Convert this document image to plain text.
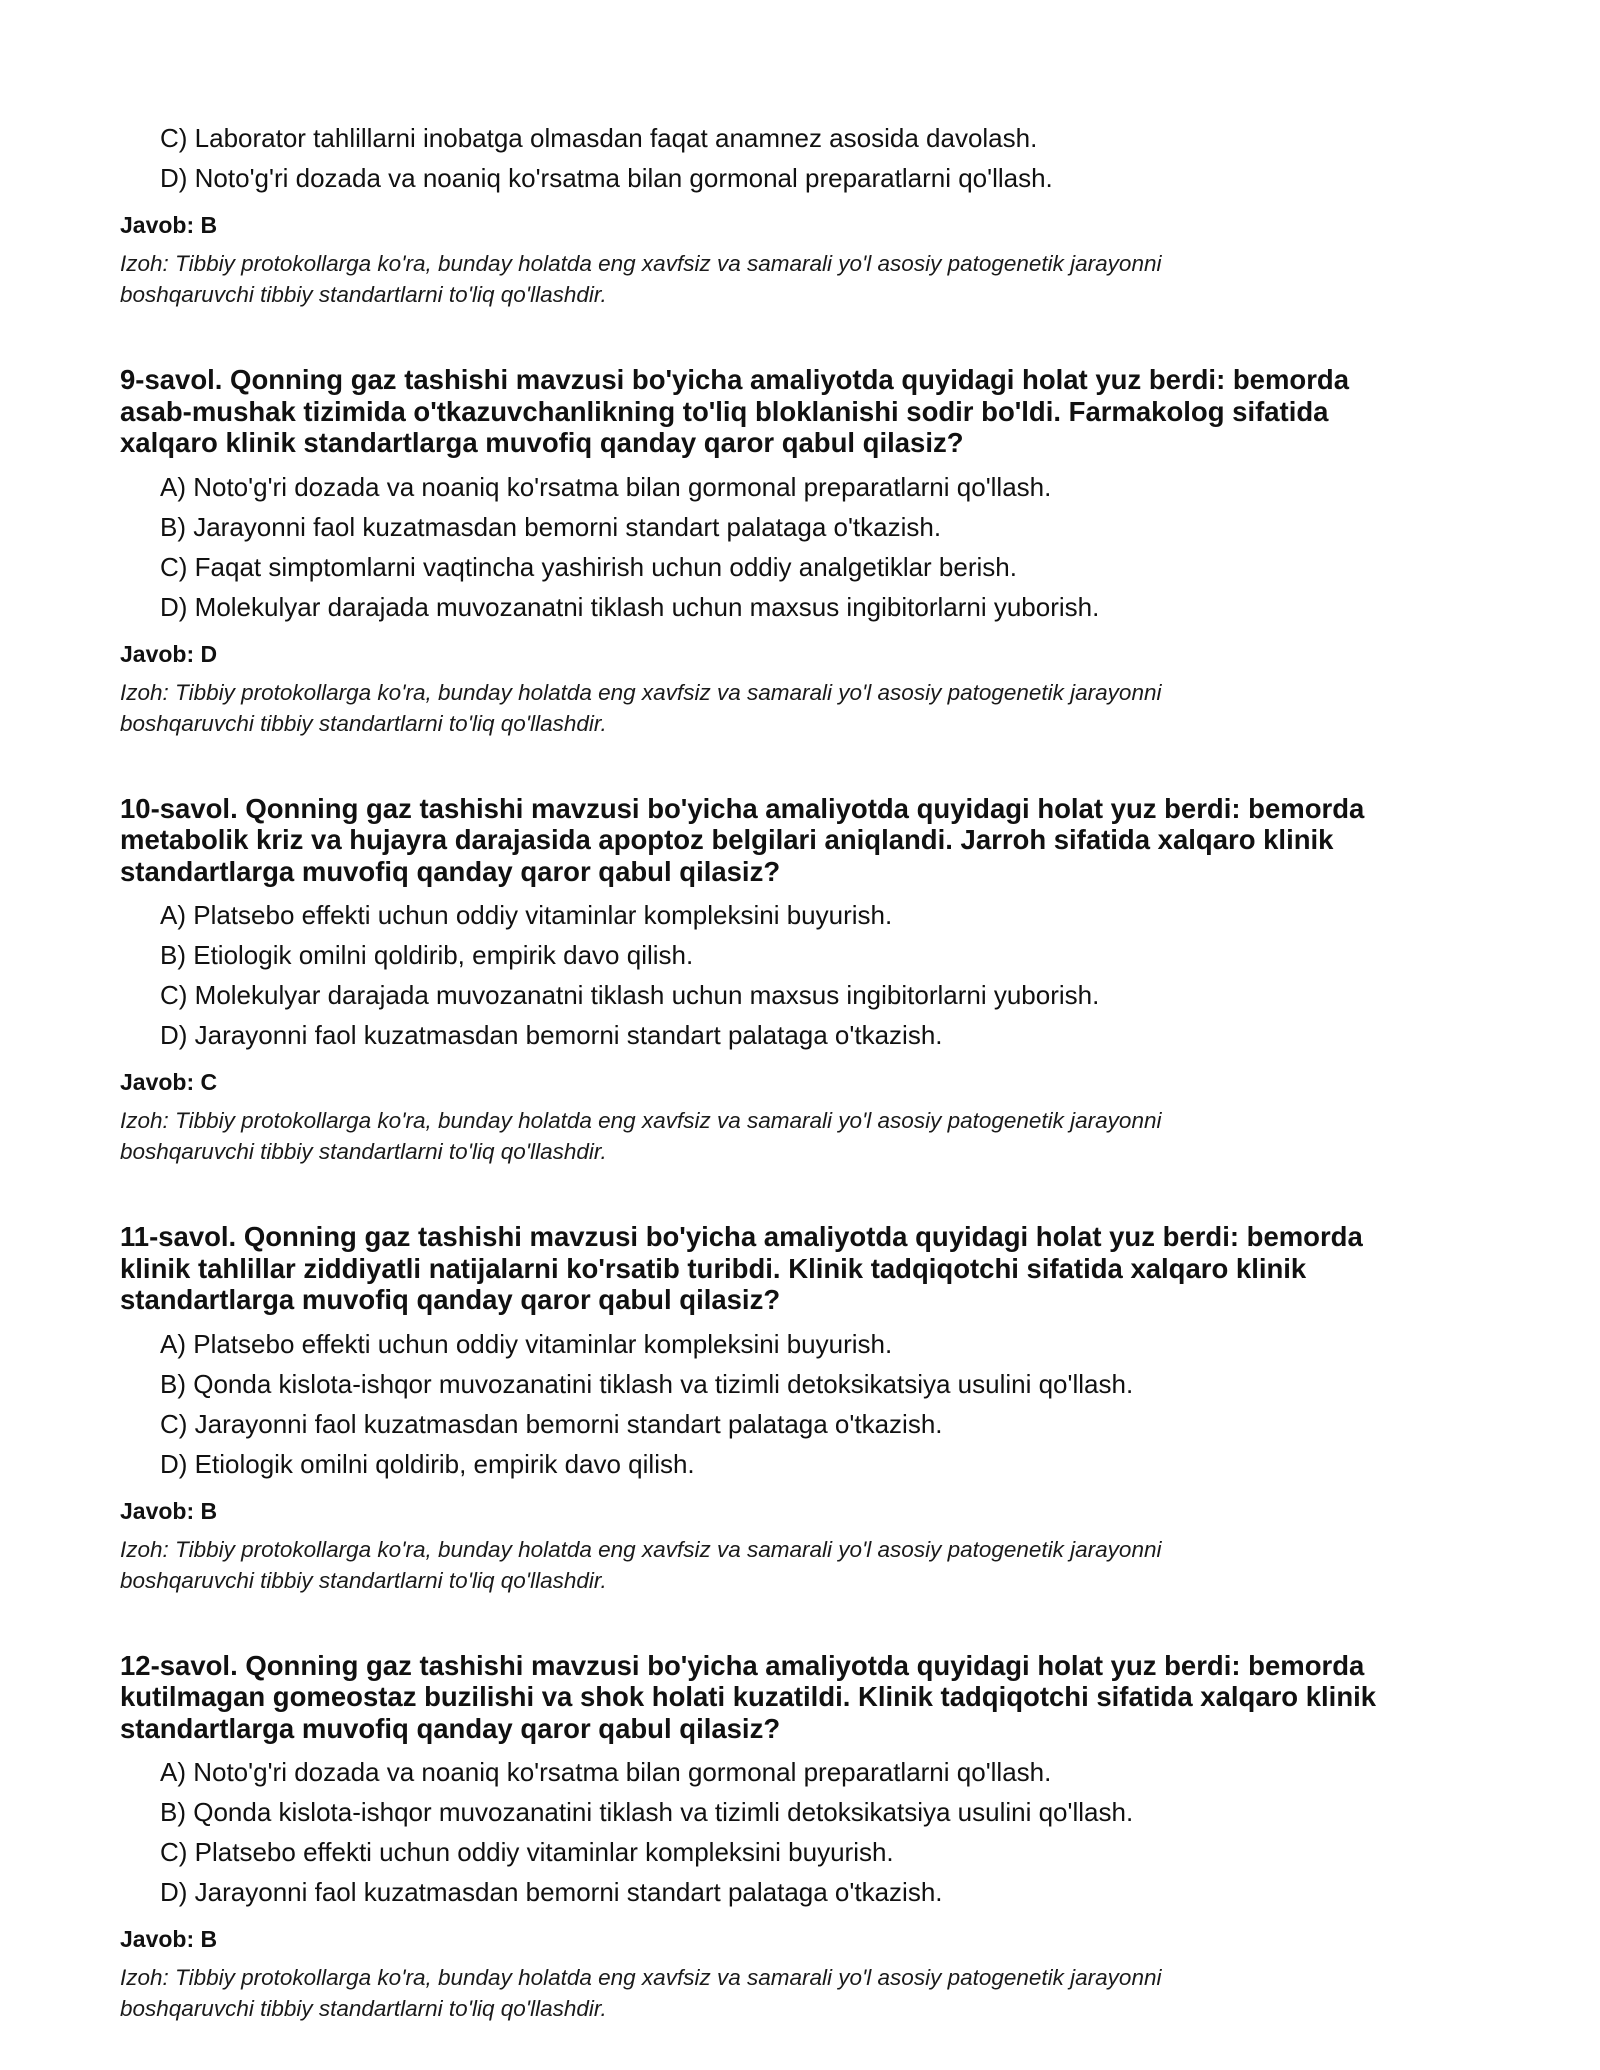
C) Laborator tahlillarni inobatga olmasdan faqat anamnez asosida davolash.

D) Noto'g'ri dozada va noaniq ko'rsatma bilan gormonal preparatlarni qo'llash.

Javob: B

Izoh: Tibbiy protokollarga ko'ra, bunday holatda eng xavfsiz va samarali yo'l asosiy patogenetik jarayonni
boshqaruvchi tibbiy standartlarni to'liq qo'llashdir.

9-savol. Qonning gaz tashishi mavzusi bo'yicha amaliyotda quyidagi holat yuz berdi: bemorda
asab-mushak tizimida o'tkazuvchanlikning to'liq bloklanishi sodir bo'ldi. Farmakolog sifatida
xalqaro klinik standartlarga muvofiq qanday qaror qabul qilasiz?

A) Noto'g'ri dozada va noaniq ko'rsatma bilan gormonal preparatlarni qo'llash.

B) Jarayonni faol kuzatmasdan bemorni standart palataga o'tkazish.

C) Faqat simptomlarni vaqtincha yashirish uchun oddiy analgetiklar berish.

D) Molekulyar darajada muvozanatni tiklash uchun maxsus ingibitorlarni yuborish.

Javob: D

Izoh: Tibbiy protokollarga ko'ra, bunday holatda eng xavfsiz va samarali yo'l asosiy patogenetik jarayonni
boshqaruvchi tibbiy standartlarni to'liq qo'llashdir.

10-savol. Qonning gaz tashishi mavzusi bo'yicha amaliyotda quyidagi holat yuz berdi: bemorda
metabolik kriz va hujayra darajasida apoptoz belgilari aniqlandi. Jarroh sifatida xalqaro klinik
standartlarga muvofiq qanday qaror qabul qilasiz?

A) Platsebo effekti uchun oddiy vitaminlar kompleksini buyurish.

B) Etiologik omilni qoldirib, empirik davo qilish.

C) Molekulyar darajada muvozanatni tiklash uchun maxsus ingibitorlarni yuborish.

D) Jarayonni faol kuzatmasdan bemorni standart palataga o'tkazish.

Javob: C

Izoh: Tibbiy protokollarga ko'ra, bunday holatda eng xavfsiz va samarali yo'l asosiy patogenetik jarayonni
boshqaruvchi tibbiy standartlarni to'liq qo'llashdir.

11-savol. Qonning gaz tashishi mavzusi bo'yicha amaliyotda quyidagi holat yuz berdi: bemorda
klinik tahlillar ziddiyatli natijalarni ko'rsatib turibdi. Klinik tadqiqotchi sifatida xalqaro klinik
standartlarga muvofiq qanday qaror qabul qilasiz?

A) Platsebo effekti uchun oddiy vitaminlar kompleksini buyurish.

B) Qonda kislota-ishqor muvozanatini tiklash va tizimli detoksikatsiya usulini qo'llash.

C) Jarayonni faol kuzatmasdan bemorni standart palataga o'tkazish.

D) Etiologik omilni qoldirib, empirik davo qilish.

Javob: B

Izoh: Tibbiy protokollarga ko'ra, bunday holatda eng xavfsiz va samarali yo'l asosiy patogenetik jarayonni
boshqaruvchi tibbiy standartlarni to'liq qo'llashdir.

12-savol. Qonning gaz tashishi mavzusi bo'yicha amaliyotda quyidagi holat yuz berdi: bemorda
kutilmagan gomeostaz buzilishi va shok holati kuzatildi. Klinik tadqiqotchi sifatida xalqaro klinik
standartlarga muvofiq qanday qaror qabul qilasiz?

A) Noto'g'ri dozada va noaniq ko'rsatma bilan gormonal preparatlarni qo'llash.

B) Qonda kislota-ishqor muvozanatini tiklash va tizimli detoksikatsiya usulini qo'llash.

C) Platsebo effekti uchun oddiy vitaminlar kompleksini buyurish.

D) Jarayonni faol kuzatmasdan bemorni standart palataga o'tkazish.

Javob: B

Izoh: Tibbiy protokollarga ko'ra, bunday holatda eng xavfsiz va samarali yo'l asosiy patogenetik jarayonni
boshqaruvchi tibbiy standartlarni to'liq qo'llashdir.
